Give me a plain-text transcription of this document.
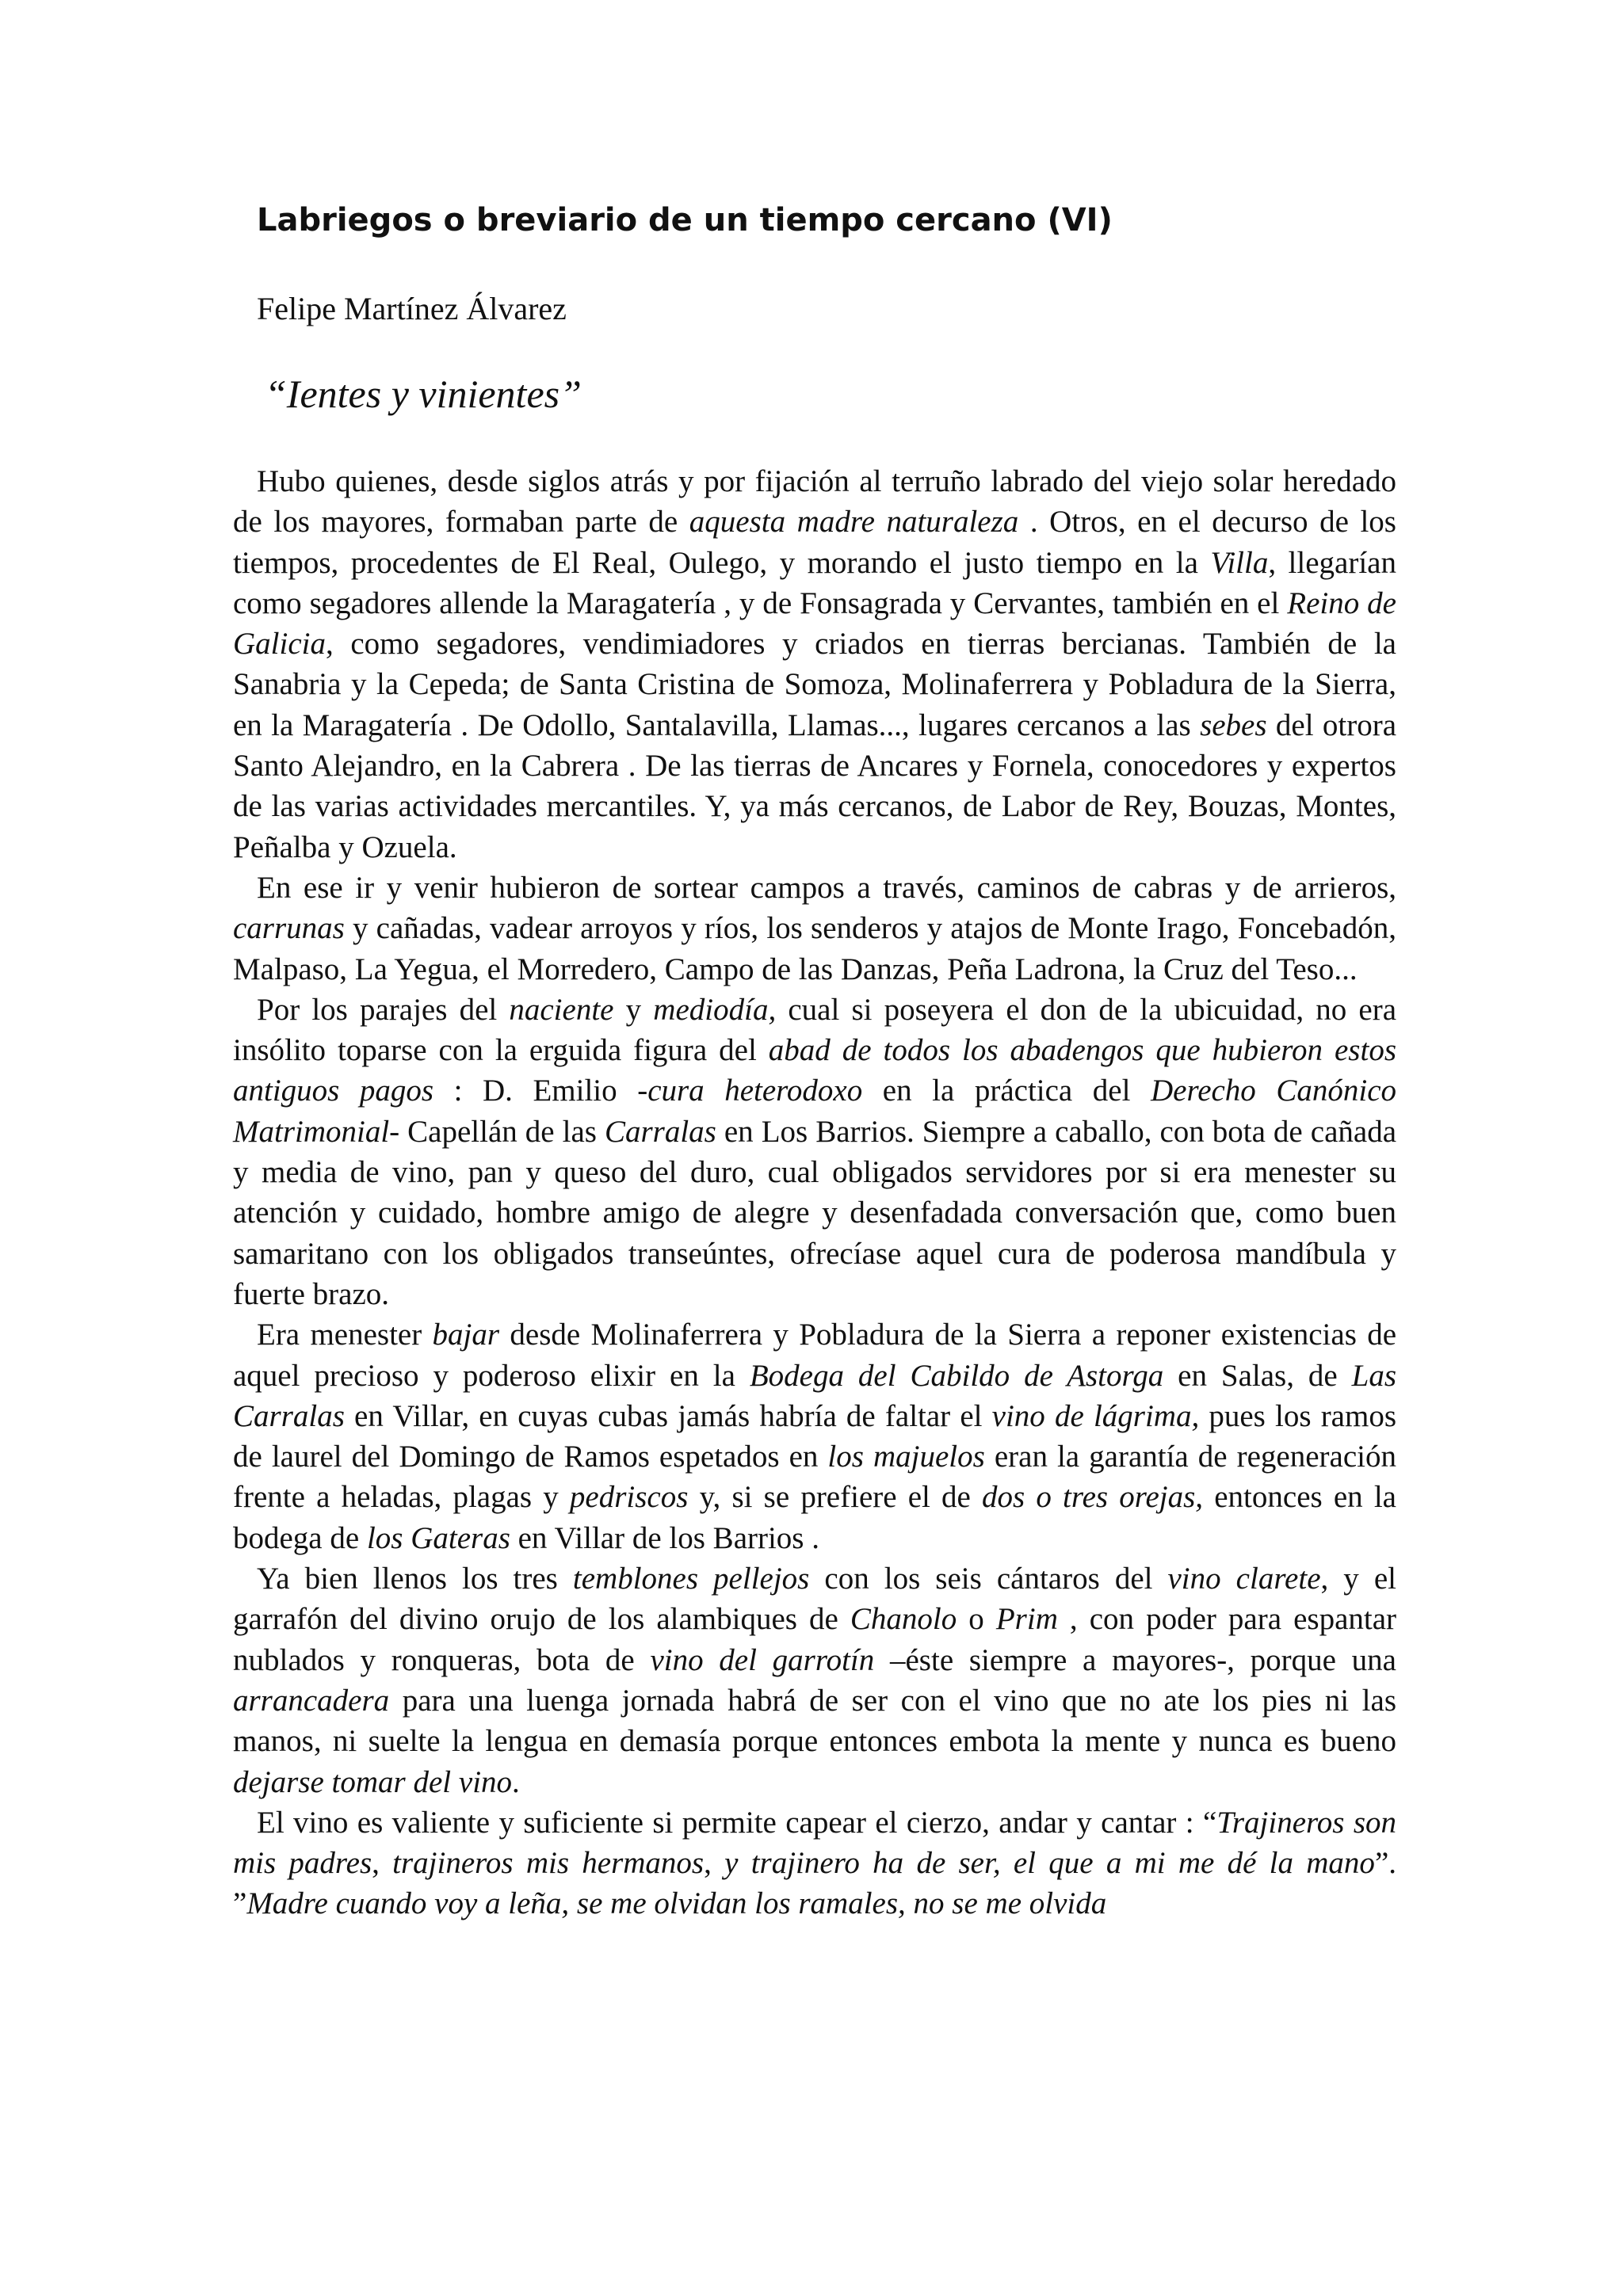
Labriegos o breviario de un tiempo cercano (VI)

Felipe Martínez Álvarez

“Ientes y vinientes”

Hubo quienes, desde siglos atrás y por fijación al terruño labrado del viejo solar heredado de los mayores, formaban parte de aquesta madre naturaleza . Otros, en el decurso de los tiempos, procedentes de El Real, Oulego, y morando el justo tiempo en la Villa, llegarían como segadores allende la Maragatería , y de Fonsagrada y Cervantes, también en el Reino de Galicia, como segadores, vendimiadores y criados en tierras bercianas. También de la Sanabria y la Cepeda; de Santa Cristina de Somoza, Molinaferrera y Pobladura de la Sierra, en la Maragatería . De Odollo, Santalavilla, Llamas..., lugares cercanos a las sebes del otrora Santo Alejandro, en la Cabrera . De las tierras de Ancares y Fornela, conocedores y expertos de las varias actividades mercantiles. Y, ya más cercanos, de Labor de Rey, Bouzas, Montes, Peñalba y Ozuela.

En ese ir y venir hubieron de sortear campos a través, caminos de cabras y de arrieros, carrunas y cañadas, vadear arroyos y ríos, los senderos y atajos de Monte Irago, Foncebadón, Malpaso, La Yegua, el Morredero, Campo de las Danzas, Peña Ladrona, la Cruz del Teso...

Por los parajes del naciente y mediodía, cual si poseyera el don de la ubicuidad, no era insólito toparse con la erguida figura del abad de todos los abadengos que hubieron estos antiguos pagos : D. Emilio -cura heterodoxo en la práctica del Derecho Canónico Matrimonial- Capellán de las Carralas en Los Barrios. Siempre a caballo, con bota de cañada y media de vino, pan y queso del duro, cual obligados servidores por si era menester su atención y cuidado, hombre amigo de alegre y desenfadada conversación que, como buen samaritano con los obligados transeúntes, ofrecíase aquel cura de poderosa mandíbula y fuerte brazo.

Era menester bajar desde Molinaferrera y Pobladura de la Sierra a reponer existencias de aquel precioso y poderoso elixir en la Bodega del Cabildo de Astorga en Salas, de Las Carralas en Villar, en cuyas cubas jamás habría de faltar el vino de lágrima, pues los ramos de laurel del Domingo de Ramos espetados en los majuelos eran la garantía de regeneración frente a heladas, plagas y pedriscos y, si se prefiere el de dos o tres orejas, entonces en la bodega de los Gateras en Villar de los Barrios .

Ya bien llenos los tres temblones pellejos con los seis cántaros del vino clarete, y el garrafón del divino orujo de los alambiques de Chanolo o Prim , con poder para espantar nublados y ronqueras, bota de vino del garrotín –éste siempre a mayores-, porque una arrancadera para una luenga jornada habrá de ser con el vino que no ate los pies ni las manos, ni suelte la lengua en demasía porque entonces embota la mente y nunca es bueno dejarse tomar del vino.

El vino es valiente y suficiente si permite capear el cierzo, andar y cantar : “Trajineros son mis padres, trajineros mis hermanos, y trajinero ha de ser, el que a mi me dé la mano”. ”Madre cuando voy a leña, se me olvidan los ramales, no se me olvida
